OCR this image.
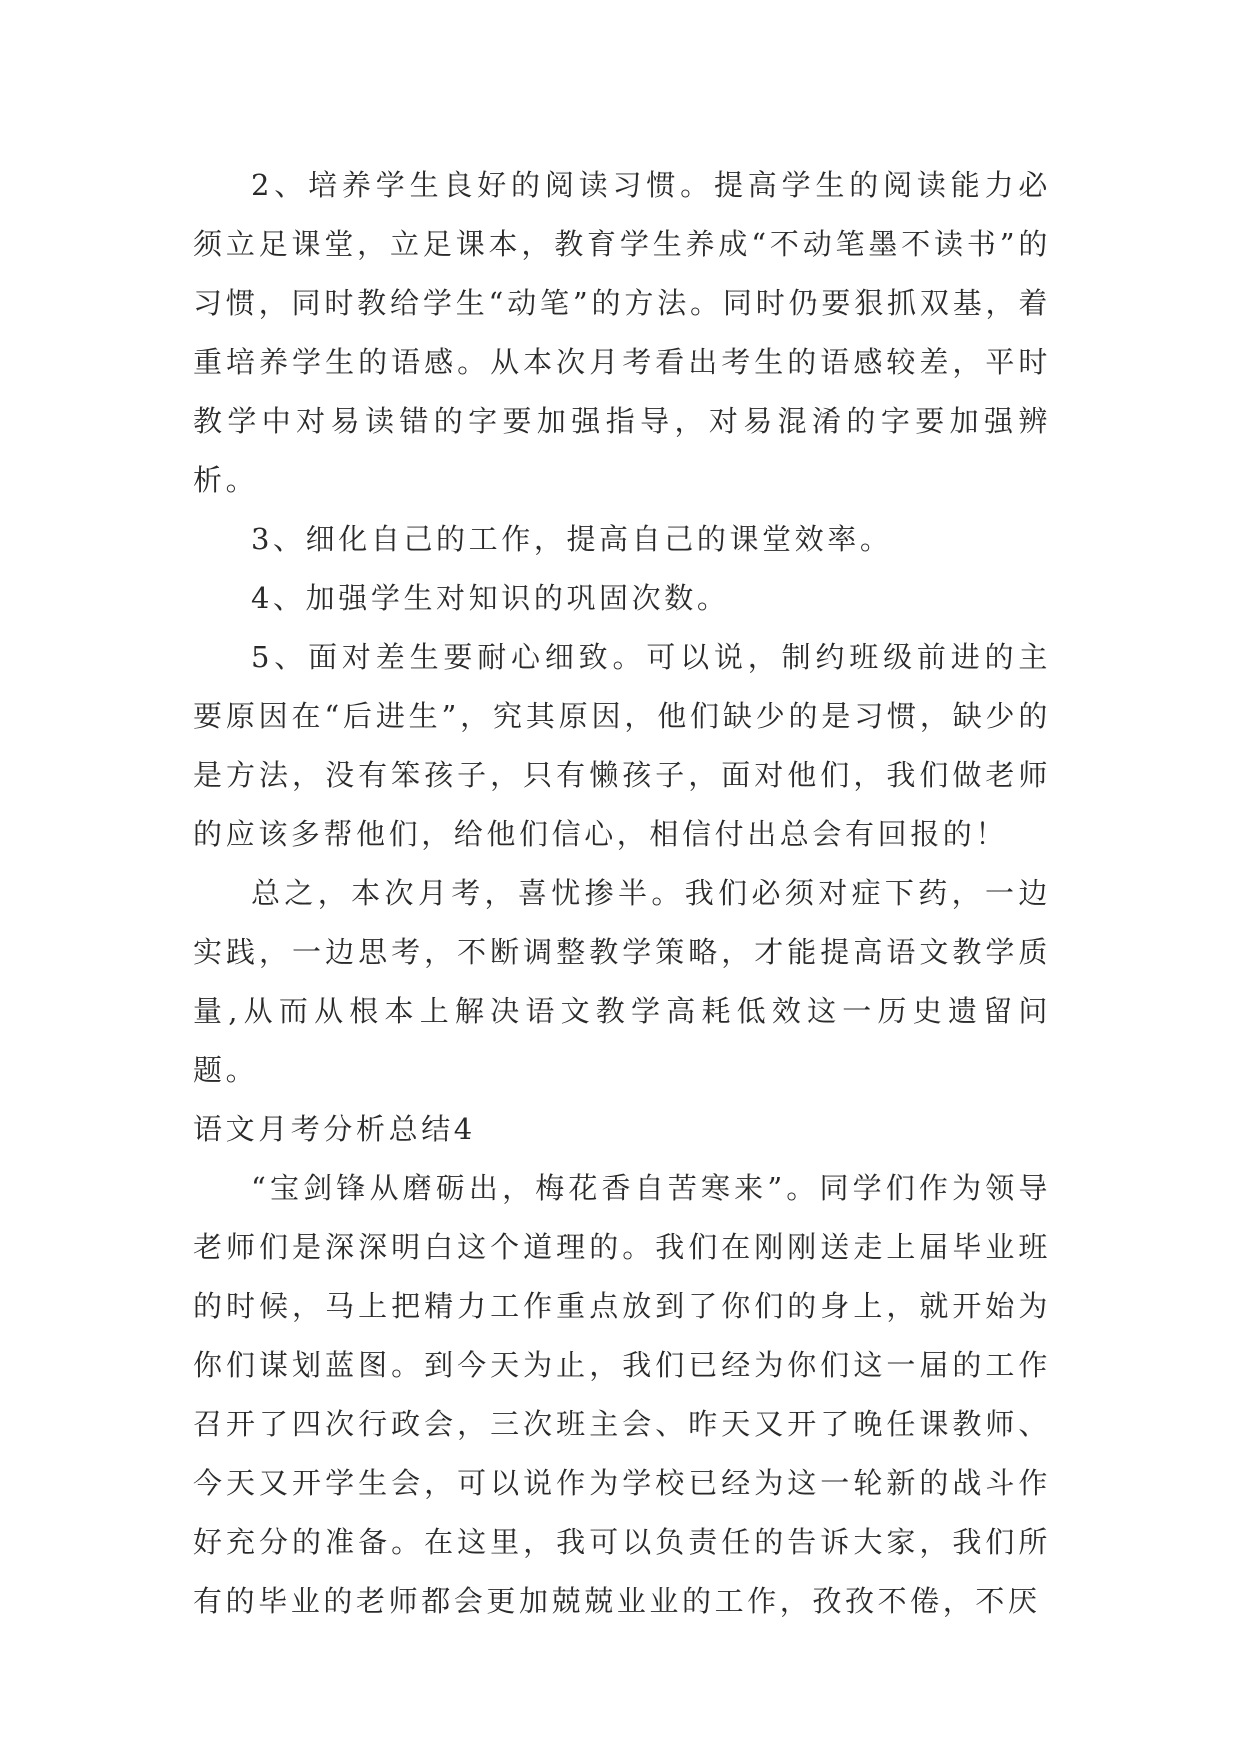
2、培养学生良好的阅读习惯。提高学生的阅读能力必须立足课堂，立足课本，教育学生养成“不动笔墨不读书”的习惯，同时教给学生“动笔”的方法。同时仍要狠抓双基，着重培养学生的语感。从本次月考看出考生的语感较差，平时教学中对易读错的字要加强指导，对易混淆的字要加强辨析。

3、细化自己的工作，提高自己的课堂效率。

4、加强学生对知识的巩固次数。

5、面对差生要耐心细致。可以说，制约班级前进的主要原因在“后进生”，究其原因，他们缺少的是习惯，缺少的是方法，没有笨孩子，只有懒孩子，面对他们，我们做老师的应该多帮他们，给他们信心，相信付出总会有回报的！

总之，本次月考，喜忧掺半。我们必须对症下药，一边实践，一边思考，不断调整教学策略，才能提高语文教学质量,从而从根本上解决语文教学高耗低效这一历史遗留问题。

语文月考分析总结4

“宝剑锋从磨砺出，梅花香自苦寒来”。同学们作为领导老师们是深深明白这个道理的。我们在刚刚送走上届毕业班的时候，马上把精力工作重点放到了你们的身上，就开始为你们谋划蓝图。到今天为止，我们已经为你们这一届的工作召开了四次行政会，三次班主会、昨天又开了晚任课教师、今天又开学生会，可以说作为学校已经为这一轮新的战斗作好充分的准备。在这里，我可以负责任的告诉大家，我们所有的毕业的老师都会更加兢兢业业的工作，孜孜不倦，不厌
